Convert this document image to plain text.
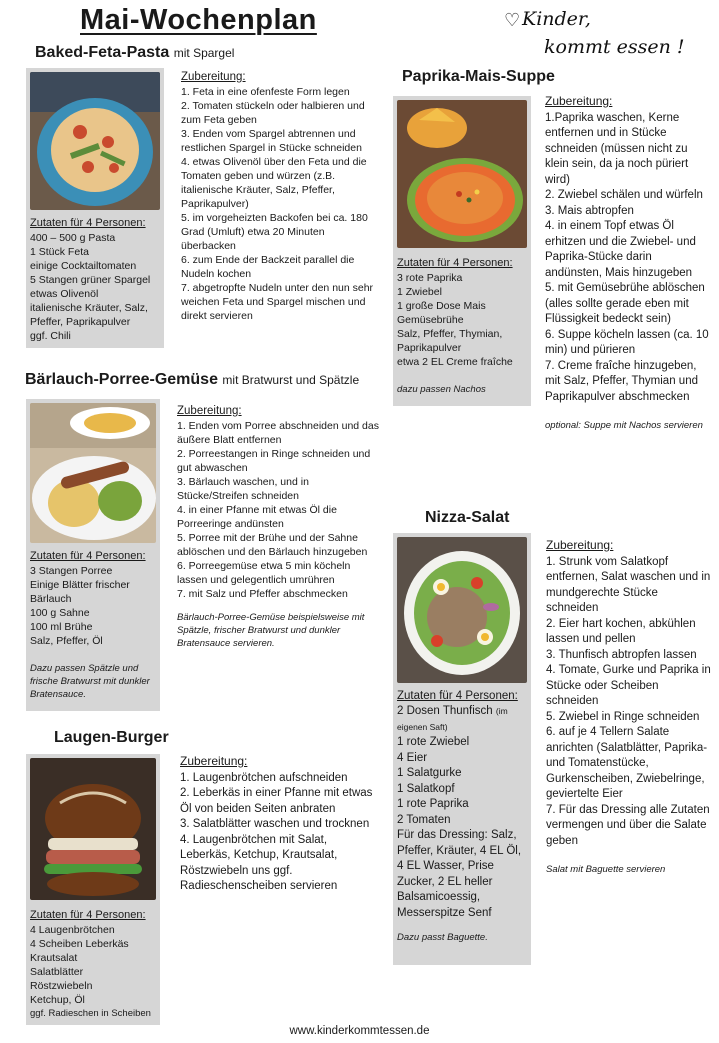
Mai-Wochenplan	♡ Kinder,
kommt essen !
Baked-Feta-Pasta mit Spargel
Zutaten für 4 Personen:
400 – 500 g Pasta
1 Stück Feta
einige Cocktailtomaten
5 Stangen grüner Spargel
etwas Olivenöl
italienische Kräuter, Salz, Pfeffer, Paprikapulver
ggf. Chili
Zubereitung:
1. Feta in eine ofenfeste Form legen
2. Tomaten stückeln oder halbieren und zum Feta geben
3. Enden vom Spargel abtrennen und restlichen Spargel in Stücke schneiden
4. etwas Olivenöl über den Feta und die Tomaten geben und würzen (z.B. italienische Kräuter, Salz, Pfeffer, Paprikapulver)
5. im vorgeheizten Backofen bei ca. 180 Grad (Umluft) etwa 20 Minuten überbacken
6. zum Ende der Backzeit parallel die Nudeln kochen
7. abgetropfte Nudeln unter den nun sehr weichen Feta und Spargel mischen und direkt servieren
Bärlauch-Porree-Gemüse mit Bratwurst und Spätzle
Zutaten für 4 Personen:
3 Stangen Porree
Einige Blätter frischer Bärlauch
100 g Sahne
100 ml Brühe
Salz, Pfeffer, Öl
Dazu passen Spätzle und frische Bratwurst mit dunkler Bratensauce.
Zubereitung:
1. Enden vom Porree abschneiden und das äußere Blatt entfernen
2. Porreestangen in Ringe schneiden und gut abwaschen
3. Bärlauch waschen, und in Stücke/Streifen schneiden
4. in einer Pfanne mit etwas Öl die Porreeringe andünsten
5. Porree mit der Brühe und der Sahne ablöschen und den Bärlauch hinzugeben
6. Porreegemüse etwa 5 min köcheln lassen und gelegentlich umrühren
7. mit Salz und Pfeffer abschmecken
Bärlauch-Porree-Gemüse beispielsweise mit Spätzle, frischer Bratwurst und dunkler Bratensauce servieren.
Laugen-Burger
Zutaten für 4 Personen:
4 Laugenbrötchen
4 Scheiben Leberkäs
Krautsalat
Salatblätter
Röstzwiebeln
Ketchup, Öl
ggf. Radieschen in Scheiben
Zubereitung:
1. Laugenbrötchen aufschneiden
2. Leberkäs in einer Pfanne mit etwas Öl von beiden Seiten anbraten
3. Salatblätter waschen und trocknen
4. Laugenbrötchen mit Salat, Leberkäs, Ketchup, Krautsalat, Röstzwiebeln uns ggf. Radieschenscheiben servieren
Paprika-Mais-Suppe
Zutaten für 4 Personen:
3 rote Paprika
1 Zwiebel
1 große Dose Mais
Gemüsebrühe
Salz, Pfeffer, Thymian, Paprikapulver
etwa 2 EL Creme fraîche
dazu passen Nachos
Zubereitung:
1.Paprika waschen, Kerne entfernen und in Stücke schneiden (müssen nicht zu klein sein, da ja noch püriert wird)
2. Zwiebel schälen und würfeln
3. Mais abtropfen
4. in einem Topf etwas Öl erhitzen und die Zwiebel- und Paprika-Stücke darin andünsten, Mais hinzugeben
5. mit Gemüsebrühe ablöschen (alles sollte gerade eben mit Flüssigkeit bedeckt sein)
6. Suppe köcheln lassen (ca. 10 min) und pürieren
7. Creme fraîche hinzugeben, mit Salz, Pfeffer, Thymian und Paprikapulver abschmecken
optional: Suppe mit Nachos servieren
Nizza-Salat
Zutaten für 4 Personen:
2 Dosen Thunfisch (im eigenen Saft)
1 rote Zwiebel
4 Eier
1 Salatgurke
1 Salatkopf
1 rote Paprika
2 Tomaten
Für das Dressing: Salz, Pfeffer, Kräuter, 4 EL Öl, 4 EL Wasser, Prise Zucker, 2 EL heller Balsamicoessig, Messerspitze Senf
Dazu passt Baguette.
Zubereitung:
1. Strunk vom Salatkopf entfernen, Salat waschen und in mundgerechte Stücke schneiden
2. Eier hart kochen, abkühlen lassen und pellen
3. Thunfisch abtropfen lassen
4. Tomate, Gurke und Paprika in Stücke oder Scheiben schneiden
5. Zwiebel in Ringe schneiden
6. auf je 4 Tellern Salate anrichten (Salatblätter, Paprika- und Tomatenstücke, Gurkenscheiben, Zwiebelringe, geviertelte Eier
7. Für das Dressing alle Zutaten vermengen und über die Salate geben
Salat mit Baguette servieren
www.kinderkommtessen.de
